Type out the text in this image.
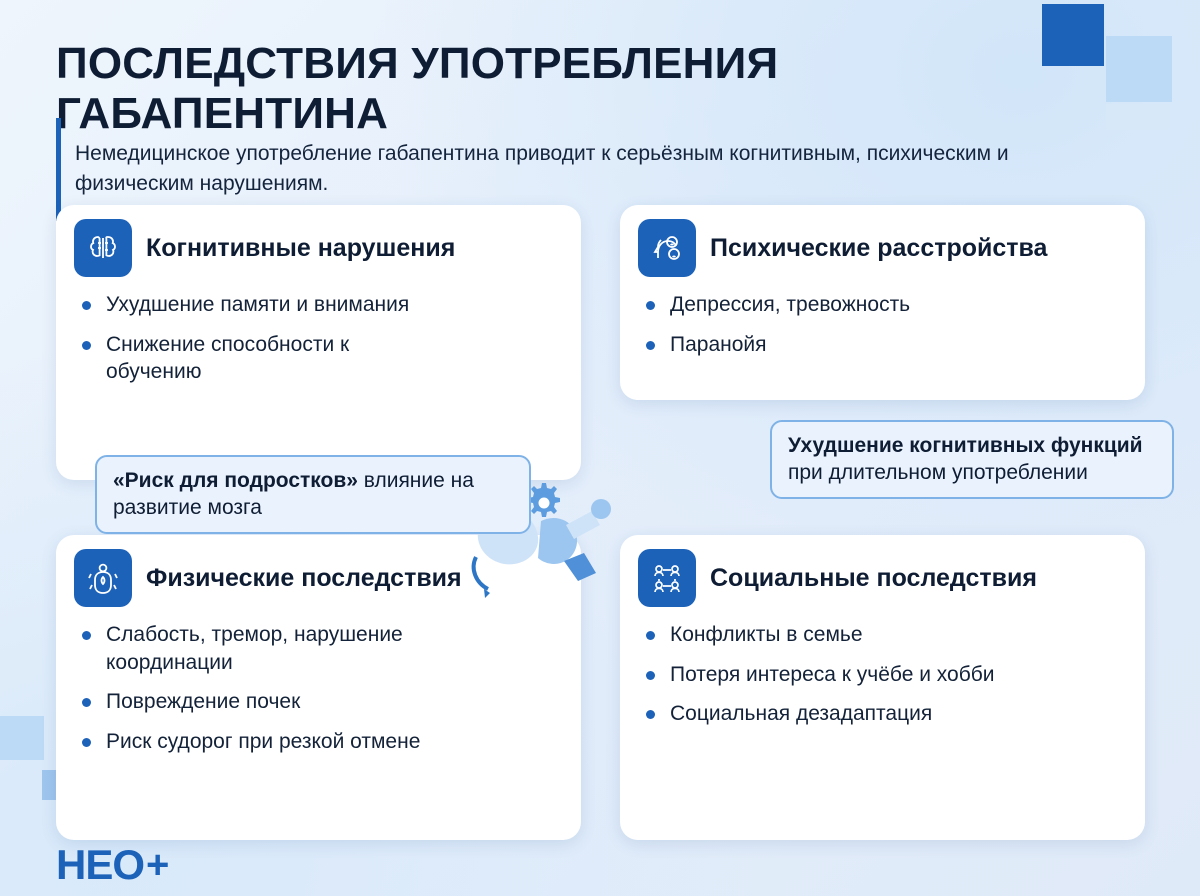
ПОСЛЕДСТВИЯ УПОТРЕБЛЕНИЯ ГАБАПЕНТИНА

Немедицинское употребление габапентина приводит к серьёзным когнитивным, психическим и физическим нарушениям.

Когнитивные нарушения
Ухудшение памяти и внимания
Снижение способности к обучению
Психические расстройства
Депрессия, тревожность
Паранойя
Физические последствия
Слабость, тремор, нарушение координации
Повреждение почек
Риск судорог при резкой отмене
Социальные последствия
Конфликты в семье
Потеря интереса к учёбе и хобби
Социальная дезадаптация
«Риск для подростков» влияние на развитие мозга
Ухудшение когнитивных функций при длительном употреблении
НЕО +
